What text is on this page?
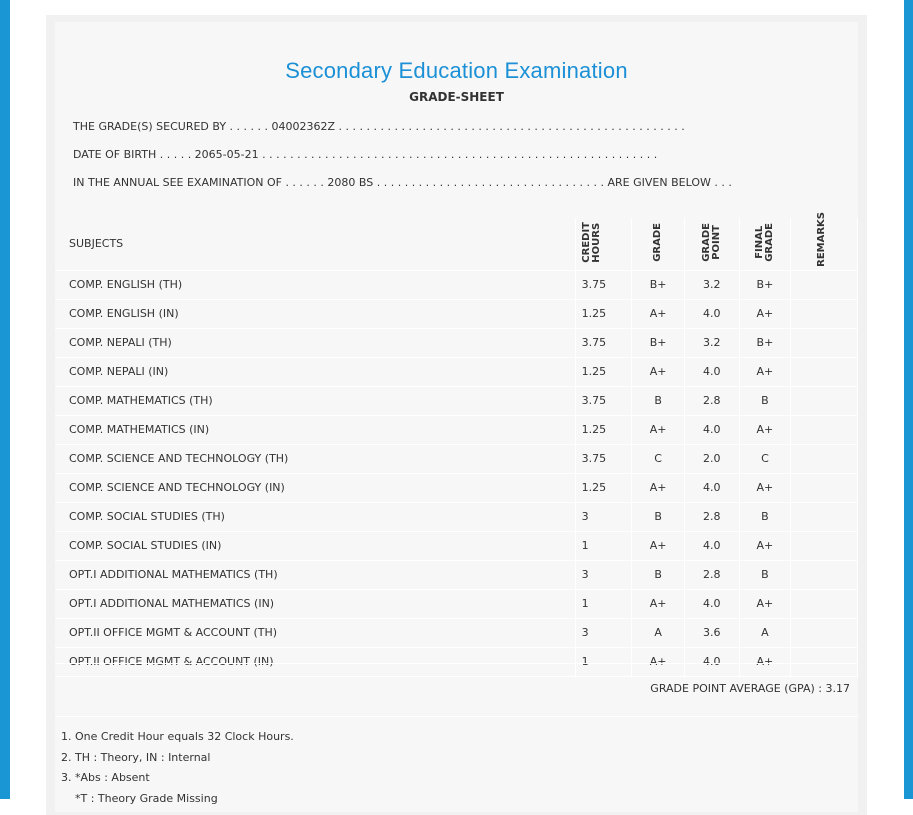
Secondary Education Examination
GRADE-SHEET
THE GRADE(S) SECURED BY . . . . . . 04002362Z . . . . . . . . . . . . . . . . . . . . . . . . . . . . . . . . . . . . . . . . . . . . . . . . . .
DATE OF BIRTH . . . . . 2065-05-21 . . . . . . . . . . . . . . . . . . . . . . . . . . . . . . . . . . . . . . . . . . . . . . . . . . . . . . . . .
IN THE ANNUAL SEE EXAMINATION OF . . . . . . 2080 BS . . . . . . . . . . . . . . . . . . . . . . . . . . . . . . . . . ARE GIVEN BELOW . . .
SUBJECTS	CREDIT HOURS	GRADE	GRADE POINT	FINAL GRADE	REMARKS

COMP. ENGLISH (TH)	3.75	B+	3.2	B+	
COMP. ENGLISH (IN)	1.25	A+	4.0	A+	
COMP. NEPALI (TH)	3.75	B+	3.2	B+	
COMP. NEPALI (IN)	1.25	A+	4.0	A+	
COMP. MATHEMATICS (TH)	3.75	B	2.8	B	
COMP. MATHEMATICS (IN)	1.25	A+	4.0	A+	
COMP. SCIENCE AND TECHNOLOGY (TH)	3.75	C	2.0	C	
COMP. SCIENCE AND TECHNOLOGY (IN)	1.25	A+	4.0	A+	
COMP. SOCIAL STUDIES (TH)	3	B	2.8	B	
COMP. SOCIAL STUDIES (IN)	1	A+	4.0	A+	
OPT.I ADDITIONAL MATHEMATICS (TH)	3	B	2.8	B	
OPT.I ADDITIONAL MATHEMATICS (IN)	1	A+	4.0	A+	
OPT.II OFFICE MGMT & ACCOUNT (TH)	3	A	3.6	A	
OPT.II OFFICE MGMT & ACCOUNT (IN)	1	A+	4.0	A+	
GRADE POINT AVERAGE (GPA) : 3.17
1. One Credit Hour equals 32 Clock Hours.
2. TH : Theory, IN : Internal
3. *Abs : Absent
*T : Theory Grade Missing
